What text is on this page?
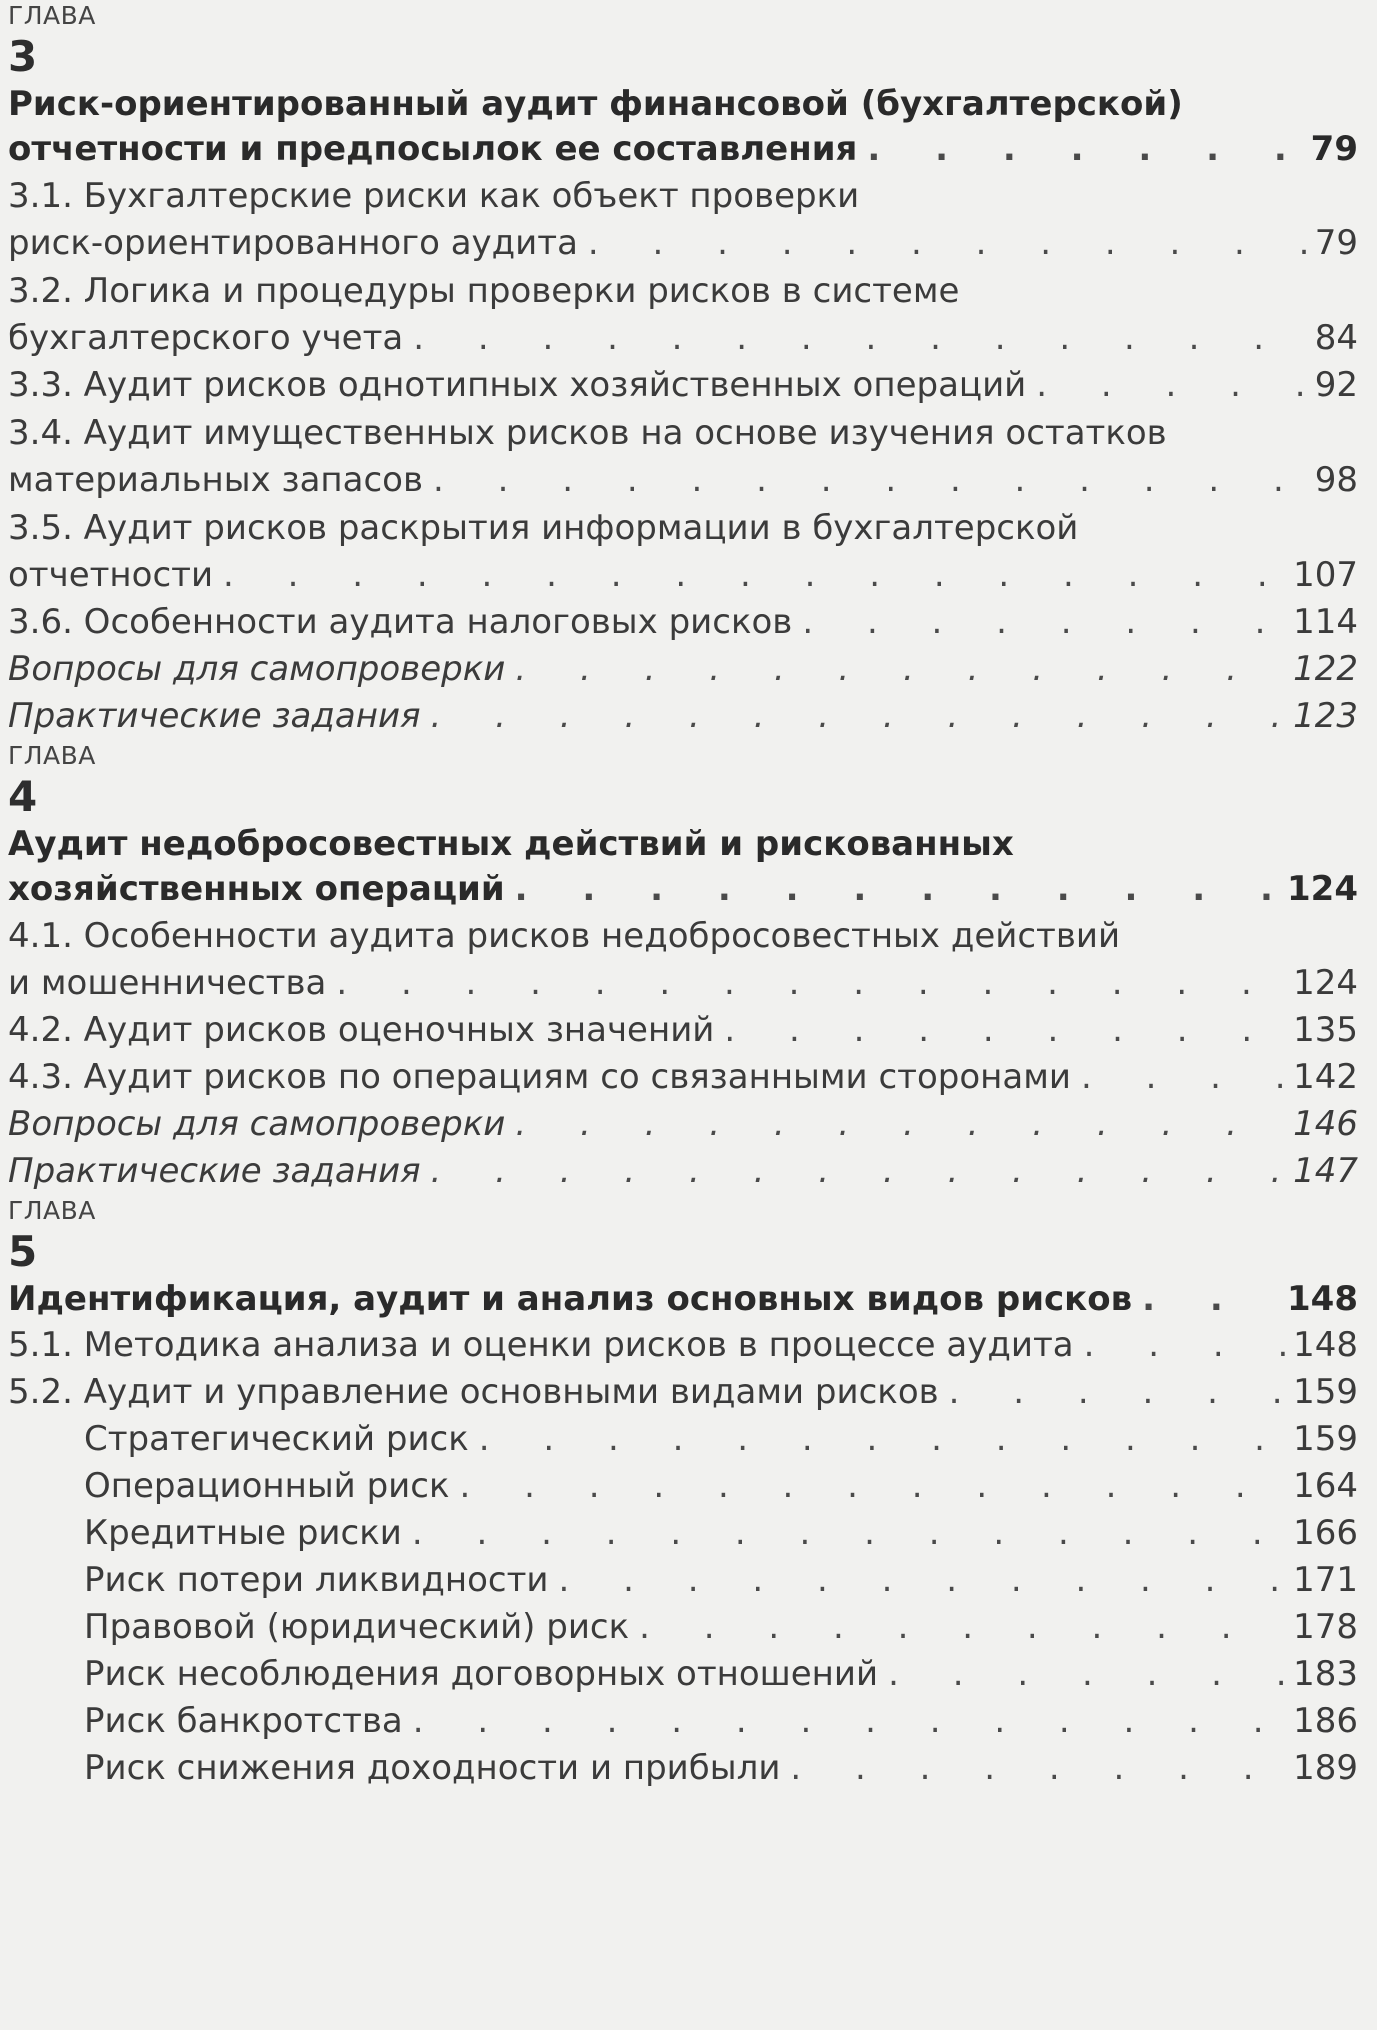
ГЛАВА
3
Риск-ориентированный аудит финансовой (бухгалтерской)
отчетности и предпосылок ее составления . . .	79
3.1. Бухгалтерские риски как объект проверки
риск-ориентированного аудита . . .	79
3.2. Логика и процедуры проверки рисков в системе
бухгалтерского учета . . .	84
3.3. Аудит рисков однотипных хозяйственных операций . . .	92
3.4. Аудит имущественных рисков на основе изучения остатков
материальных запасов . . .	98
3.5. Аудит рисков раскрытия информации в бухгалтерской
отчетности . . .	107
3.6. Особенности аудита налоговых рисков . . .	114
Вопросы для самопроверки . . .	122
Практические задания . . .	123
ГЛАВА
4
Аудит недобросовестных действий и рискованных
хозяйственных операций . . .	124
4.1. Особенности аудита рисков недобросовестных действий
и мошенничества . . .	124
4.2. Аудит рисков оценочных значений . . .	135
4.3. Аудит рисков по операциям со связанными сторонами . . .	142
Вопросы для самопроверки . . .	146
Практические задания . . .	147
ГЛАВА
5
Идентификация, аудит и анализ основных видов рисков . . .	148
5.1. Методика анализа и оценки рисков в процессе аудита . . .	148
5.2. Аудит и управление основными видами рисков . . .	159
Стратегический риск . . .	159
Операционный риск . . .	164
Кредитные риски . . .	166
Риск потери ликвидности . . .	171
Правовой (юридический) риск . . .	178
Риск несоблюдения договорных отношений . . .	183
Риск банкротства . . .	186
Риск снижения доходности и прибыли . . .	189
